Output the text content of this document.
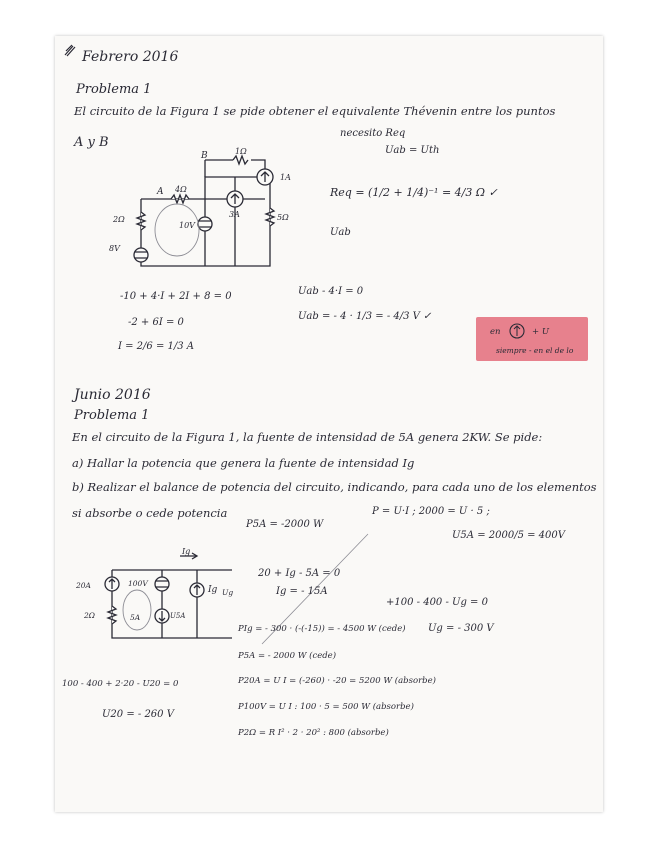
Febrero 2016
Problema 1
El circuito de la Figura 1 se pide obtener el equivalente Thévenin entre los puntos
A y B
B	1Ω
1A
A 4Ω
2Ω
10V
3A	5Ω
8V
necesito Req
Uab = Uth
Req = (1/2 + 1/4)⁻¹ = 4/3 Ω ✓
Uab
-10 + 4·I + 2I + 8 = 0
-2 + 6I = 0
I = 2/6 = 1/3 A
Uab - 4·I = 0
Uab = - 4 · 1/3 = - 4/3 V ✓
en	+ U
siempre - en el de lo
Junio 2016
Problema 1
En el circuito de la Figura 1, la fuente de intensidad de 5A genera 2KW. Se pide:
a) Hallar la potencia que genera la fuente de intensidad Ig
b) Realizar el balance de potencia del circuito, indicando, para cada uno de los elementos
si absorbe o cede potencia
Ig
20A	100V
2Ω	5A	U5A
Ig Ug
P5A = -2000 W
P = U·I ; 2000 = U · 5 ;
U5A = 2000/5 = 400V
20 + Ig - 5A = 0
Ig = - 15A
+100 - 400 - Ug = 0
Ug = - 300 V
PIg = - 300 · (-(-15)) = - 4500 W (cede)
P5A = - 2000 W (cede)
100 - 400 + 2·20 - U20 = 0
U20 = - 260 V
P20A = U I = (-260) · -20 = 5200 W (absorbe)
P100V = U I : 100 · 5 = 500 W (absorbe)
P2Ω = R I² · 2 · 20² : 800 (absorbe)
